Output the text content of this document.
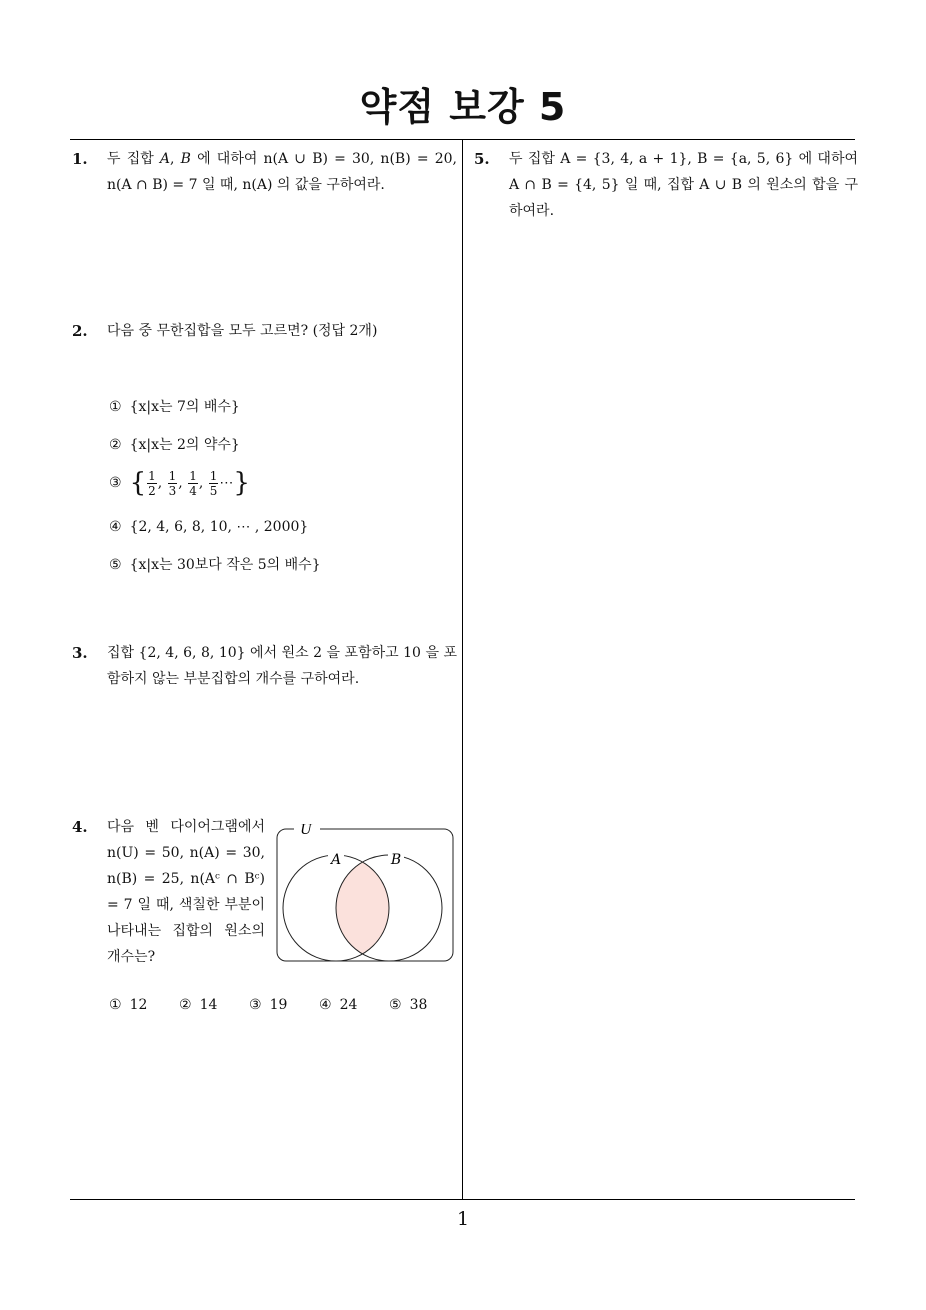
약점 보강 5
1
1. 두 집합 A, B 에 대하여 n(A ∪ B) = 30, n(B) = 20, n(A ∩ B) = 7 일 때, n(A) 의 값을 구하여라.
2. 다음 중 무한집합을 모두 고르면? (정답 2개)
① {x|x는 7의 배수}
② {x|x는 2의 약수}
③ { $\frac{1}{2}$ , $\frac{1}{3}$ , $\frac{1}{4}$ , $\frac{1}{5}$ ⋯}
④ {2, 4, 6, 8, 10, ⋯ , 2000}
⑤ {x|x는 30보다 작은 5의 배수}
3. 집합 {2, 4, 6, 8, 10} 에서 원소 2 을 포함하고 10 을 포함하지 않는 부분집합의 개수를 구하여라.
4. 다음 벤 다이어그램에서 n(U) = 50, n(A) = 30, n(B) = 25, n(Aᶜ ∩ Bᶜ) = 7 일 때, 색칠한 부분이 나타내는 집합의 원소의 개수는?
U
A	B
① 12 ② 14 ③ 19 ④ 24 ⑤ 38
5. 두 집합 A = {3, 4, a + 1}, B = {a, 5, 6} 에 대하여 A ∩ B = {4, 5} 일 때, 집합 A ∪ B 의 원소의 합을 구하여라.
